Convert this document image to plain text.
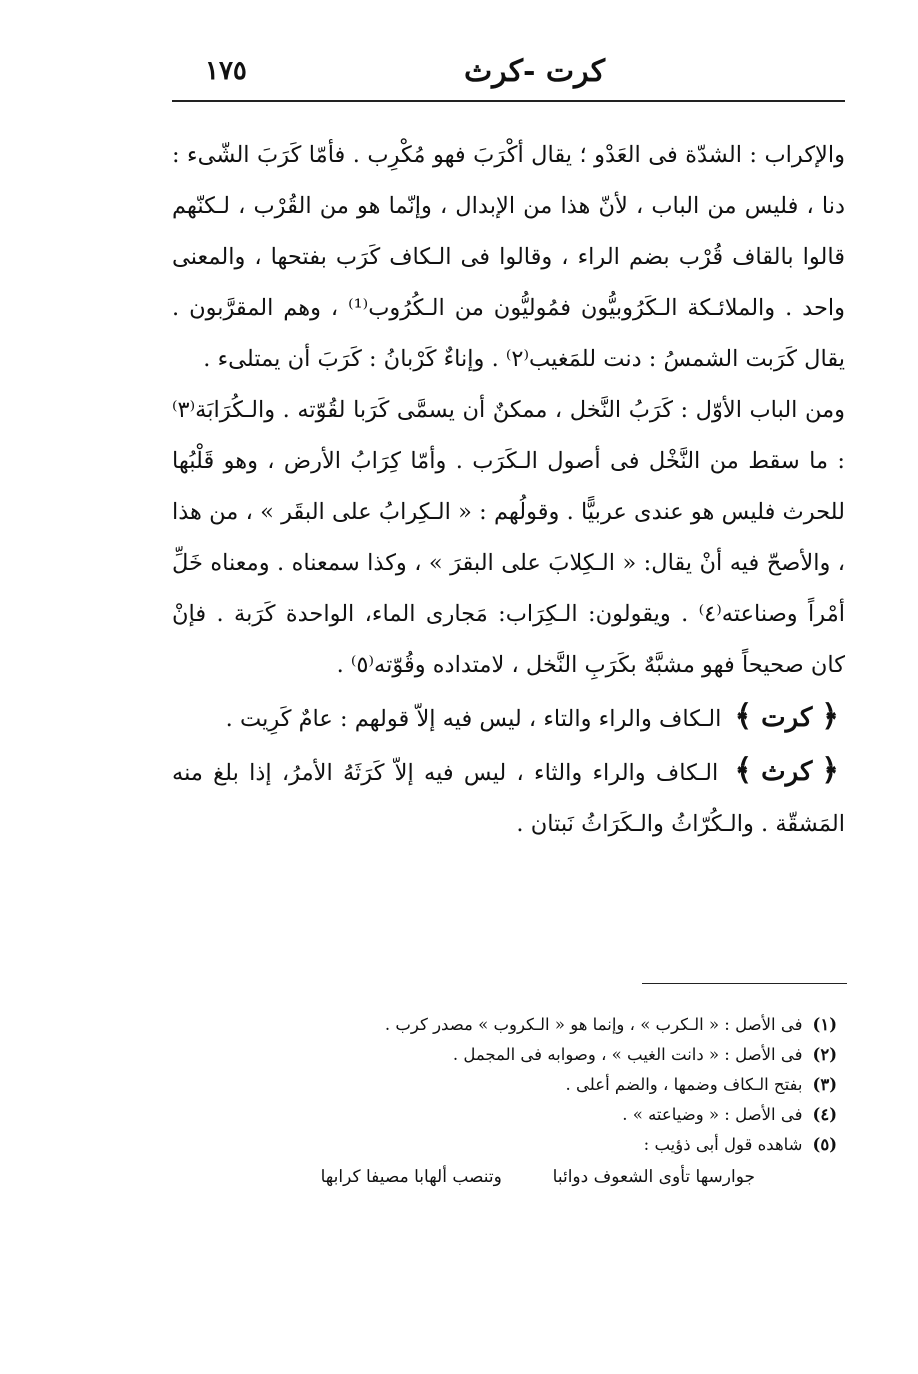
كرت -كرث
١٧٥

والإكراب : الشدّة فى العَدْو ؛ يقال أكْرَبَ فهو مُكْرِب . فأمّا كَرَبَ الشّىء : دنا ، فليس من الباب ، لأنّ هذا من الإبدال ، وإنّما هو من القُرْب ، لـكنّهم قالوا بالقاف قُرْب بضم الراء ، وقالوا فى الـكاف كَرَب بفتحها ، والمعنى واحد . والملائـكة الـكَرُوبيُّون فمُوليُّون من الـكُرُوب⁽¹⁾ ، وهم المقرَّبون . يقال كَرَبت الشمسُ : دنت للمَغيب⁽٢⁾ . وإناءٌ كَرْبانُ : كَرَبَ أن يمتلىء .

ومن الباب الأوّل : كَرَبُ النَّخل ، ممكنٌ أن يسمَّى كَرَبا لقُوّته . والـكُرَابَة⁽٣⁾ : ما سقط من النَّخْل فى أصول الـكَرَب . وأمّا كِرَابُ الأرض ، وهو قَلْبُها للحرث فليس هو عندى عربيًّا . وقولُهم : « الـكِرابُ على البقَر » ، من هذا ، والأصحّ فيه أنْ يقال: « الـكِلابَ على البقرَ » ، وكذا سمعناه . ومعناه خَلِّ أمْراً وصناعته⁽٤⁾ . ويقولون: الـكِرَاب: مَجارى الماء، الواحدة كَرَبة . فإنْ كان صحيحاً فهو مشبَّهٌ بكَرَبِ النَّخل ، لامتداده وقُوّته⁽٥⁾ .

﴿ كرت ﴾ الـكاف والراء والتاء ، ليس فيه إلاّ قولهم : عامٌ كَرِيت .

﴿ كرث ﴾ الـكاف والراء والثاء ، ليس فيه إلاّ كَرَثَهُ الأمرُ، إذا بلغ منه المَشقّة . والـكُرّاثُ والـكَرَاثُ نَبتان .

(١)فى الأصل : « الـكرب » ، وإنما هو « الـكروب » مصدر كرب .

(٢)فى الأصل : « دانت الغيب » ، وصوابه فى المجمل .

(٣)بفتح الـكاف وضمها ، والضم أعلى .

(٤)فى الأصل : « وضياعته » .

(٥)شاهده قول أبى ذؤيب :

جوارسها تأوى الشعوف دوائبا  وتنصب ألهابا مصيفا كرابها
